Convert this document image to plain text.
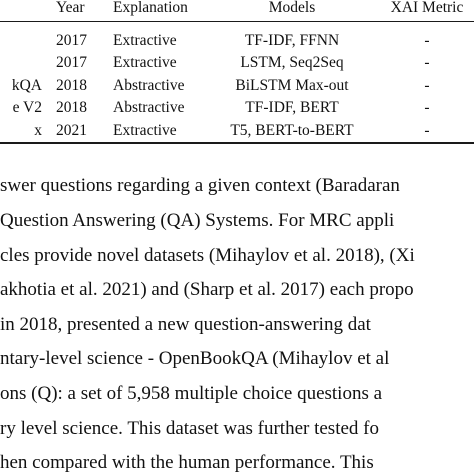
Year Explanation	Models	XAI Metric
2017 Extractive	TF-IDF, FFNN	-
2017 Extractive	LSTM, Seq2Seq	-
kQA 2018 Abstractive	BiLSTM Max-out	-
e V2 2018 Abstractive	TF-IDF, BERT	-
x 2021 Extractive	T5, BERT-to-BERT	-
swer questions regarding a given context (Baradaran
Question Answering (QA) Systems. For MRC appli
cles provide novel datasets (Mihaylov et al. 2018), (Xi
akhotia et al. 2021) and (Sharp et al. 2017) each propo
in 2018, presented a new question-answering dat
ntary-level science - OpenBookQA (Mihaylov et al
ons (Q): a set of 5,958 multiple choice questions a
ry level science. This dataset was further tested fo
hen compared with the human performance. This
